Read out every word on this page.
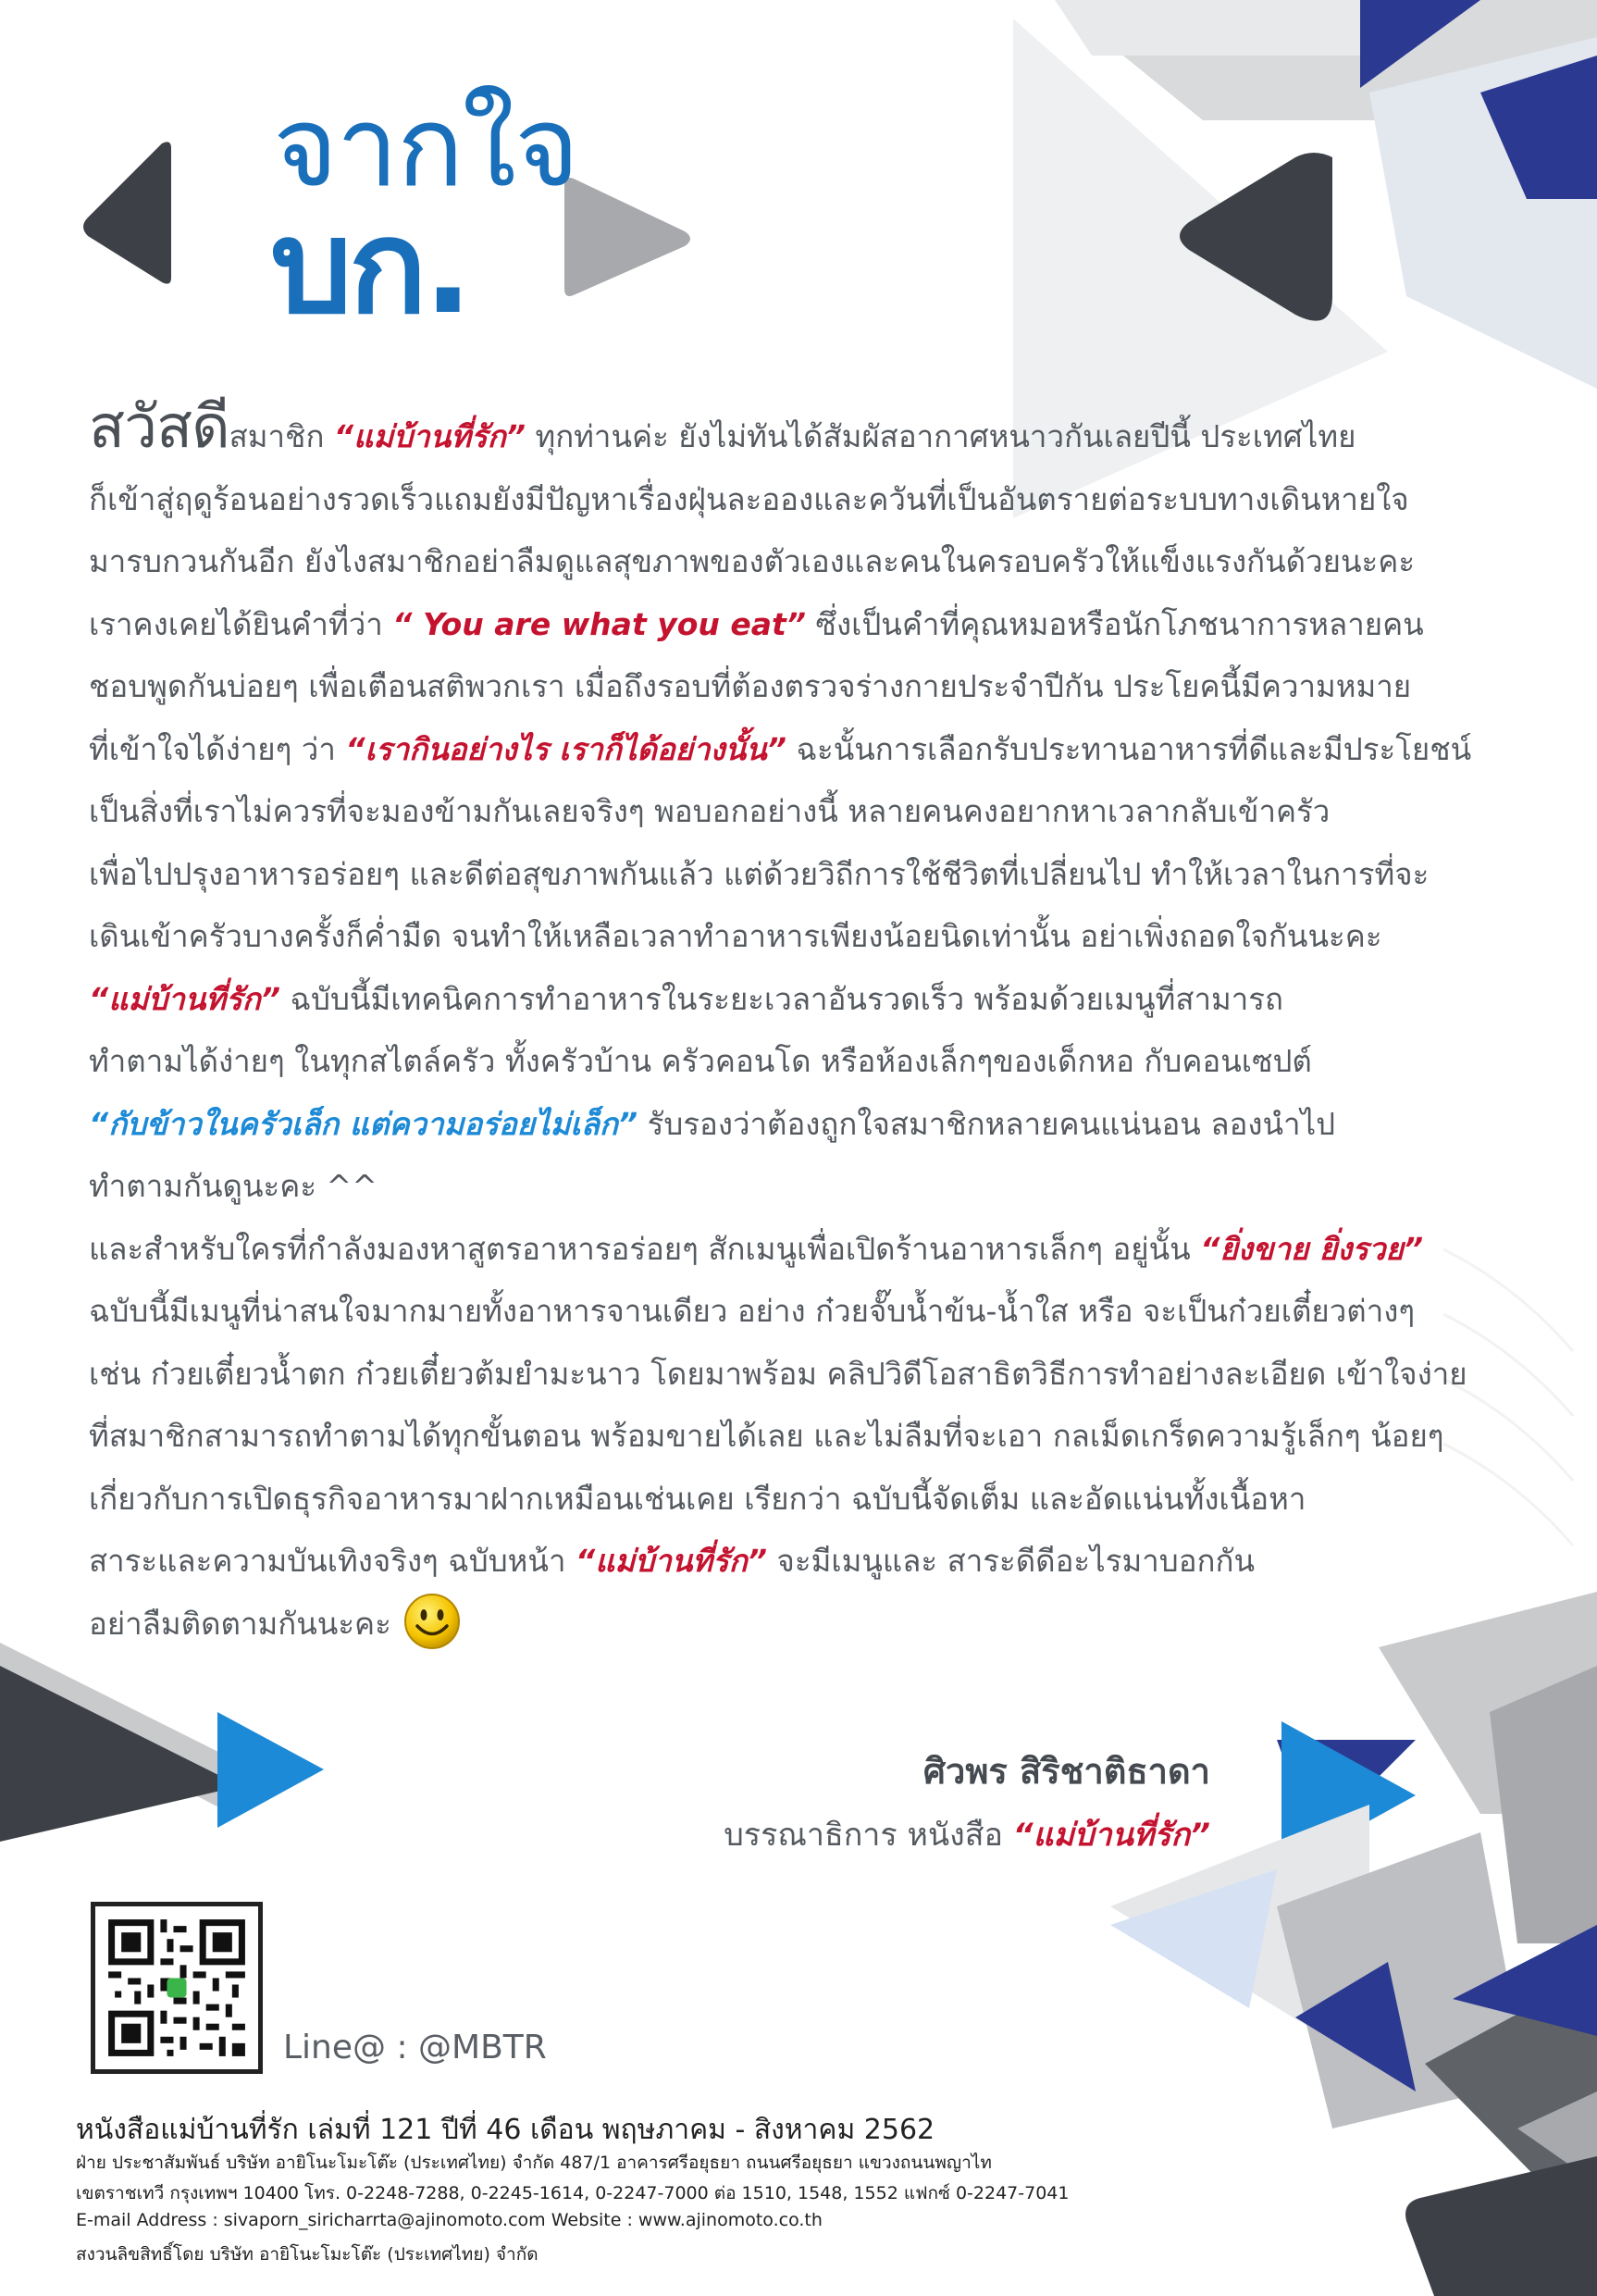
จากใจ
บก.

สวัสดีสมาชิก “แม่บ้านที่รัก” ทุกท่านค่ะ ยังไม่ทันได้สัมผัสอากาศหนาวกันเลยปีนี้ ประเทศไทย

ก็เข้าสู่ฤดูร้อนอย่างรวดเร็วแถมยังมีปัญหาเรื่องฝุ่นละอองและควันที่เป็นอันตรายต่อระบบทางเดินหายใจ

มารบกวนกันอีก ยังไงสมาชิกอย่าลืมดูแลสุขภาพของตัวเองและคนในครอบครัวให้แข็งแรงกันด้วยนะคะ

เราคงเคยได้ยินคำที่ว่า “ You are what you eat” ซึ่งเป็นคำที่คุณหมอหรือนักโภชนาการหลายคน

ชอบพูดกันบ่อยๆ เพื่อเตือนสติพวกเรา เมื่อถึงรอบที่ต้องตรวจร่างกายประจำปีกัน ประโยคนี้มีความหมาย

ที่เข้าใจได้ง่ายๆ ว่า “เรากินอย่างไร เราก็ได้อย่างนั้น” ฉะนั้นการเลือกรับประทานอาหารที่ดีและมีประโยชน์

เป็นสิ่งที่เราไม่ควรที่จะมองข้ามกันเลยจริงๆ พอบอกอย่างนี้ หลายคนคงอยากหาเวลากลับเข้าครัว

เพื่อไปปรุงอาหารอร่อยๆ และดีต่อสุขภาพกันแล้ว แต่ด้วยวิถีการใช้ชีวิตที่เปลี่ยนไป ทำให้เวลาในการที่จะ

เดินเข้าครัวบางครั้งก็ค่ำมืด จนทำให้เหลือเวลาทำอาหารเพียงน้อยนิดเท่านั้น อย่าเพิ่งถอดใจกันนะคะ

“แม่บ้านที่รัก” ฉบับนี้มีเทคนิคการทำอาหารในระยะเวลาอันรวดเร็ว พร้อมด้วยเมนูที่สามารถ

ทำตามได้ง่ายๆ ในทุกสไตล์ครัว ทั้งครัวบ้าน ครัวคอนโด หรือห้องเล็กๆของเด็กหอ กับคอนเซปต์

“กับข้าวในครัวเล็ก แต่ความอร่อยไม่เล็ก” รับรองว่าต้องถูกใจสมาชิกหลายคนแน่นอน ลองนำไป

ทำตามกันดูนะคะ ^^

และสำหรับใครที่กำลังมองหาสูตรอาหารอร่อยๆ สักเมนูเพื่อเปิดร้านอาหารเล็กๆ อยู่นั้น “ยิ่งขาย ยิ่งรวย”

ฉบับนี้มีเมนูที่น่าสนใจมากมายทั้งอาหารจานเดียว อย่าง ก๋วยจั๊บน้ำข้น-น้ำใส หรือ จะเป็นก๋วยเตี๋ยวต่างๆ

เช่น ก๋วยเตี๋ยวน้ำตก ก๋วยเตี๋ยวต้มยำมะนาว โดยมาพร้อม คลิปวิดีโอสาธิตวิธีการทำอย่างละเอียด เข้าใจง่าย

ที่สมาชิกสามารถทำตามได้ทุกขั้นตอน พร้อมขายได้เลย และไม่ลืมที่จะเอา กลเม็ดเกร็ดความรู้เล็กๆ น้อยๆ

เกี่ยวกับการเปิดธุรกิจอาหารมาฝากเหมือนเช่นเคย เรียกว่า ฉบับนี้จัดเต็ม และอัดแน่นทั้งเนื้อหา

สาระและความบันเทิงจริงๆ ฉบับหน้า “แม่บ้านที่รัก” จะมีเมนูและ สาระดีดีอะไรมาบอกกัน

อย่าลืมติดตามกันนะคะ

ศิวพร สิริชาติธาดา
บรรณาธิการ หนังสือ “แม่บ้านที่รัก”
Line@ : @MBTR
หนังสือแม่บ้านที่รัก เล่มที่ 121 ปีที่ 46 เดือน พฤษภาคม - สิงหาคม 2562
ฝ่าย ประชาสัมพันธ์ บริษัท อายิโนะโมะโต๊ะ (ประเทศไทย) จำกัด 487/1 อาคารศรีอยุธยา ถนนศรีอยุธยา แขวงถนนพญาไท
เขตราชเทวี กรุงเทพฯ 10400 โทร. 0-2248-7288, 0-2245-1614, 0-2247-7000 ต่อ 1510, 1548, 1552 แฟกซ์ 0-2247-7041
E-mail Address : sivaporn_siricharrta@ajinomoto.com Website : www.ajinomoto.co.th
สงวนลิขสิทธิ์โดย บริษัท อายิโนะโมะโต๊ะ (ประเทศไทย) จำกัด
